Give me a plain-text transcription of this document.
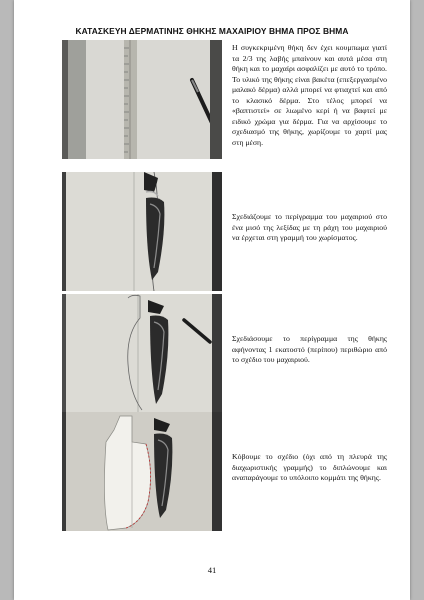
ΚΑΤΑΣΚΕΥΗ ΔΕΡΜΑΤΙΝΗΣ ΘΗΚΗΣ ΜΑΧΑΙΡΙΟΥ ΒΗΜΑ ΠΡΟΣ ΒΗΜΑ
Η συγκεκριμένη θήκη δεν έχει κουμπωμα γιατί τα 2/3 της λαβής μπαίνουν και αυτά μέσα στη θήκη και το μαχαίρι ασφαλίζει με αυτό το τρόπο. Το υλικό της θήκης είναι βακέτα (επεξεργασμένο μαλακό δέρμα) αλλά μπορεί να φτιαχτεί και από το κλασικό δέρμα. Στο τέλος μπορεί να «βαπτιστεί» σε λιωμένο κερί ή να βαφτεί με ειδικό χρώμα για δέρμα. Για να αρχίσουμε το σχεδιασμό της θήκης, χωρίζουμε το χαρτί μας στη μέση.
Σχεδιάζουμε το περίγραμμα του μαχαιριού στο ένα μισό της λεξίδας με τη ράχη του μαχαιριού να έρχεται στη γραμμή του χωρίσματος.
Σχεδιάσουμε το περίγραμμα της θήκης αφήνοντας 1 εκατοστό (περίπου) περιθώριο από το σχέδιο του μαχαιριού.
Κόβουμε το σχέδιο (όχι από τη πλευρά της διαχωριστικής γραμμής) το διπλώνουμε και αναπαράγουμε το υπόλοιπο κομμάτι της θήκης.
41
